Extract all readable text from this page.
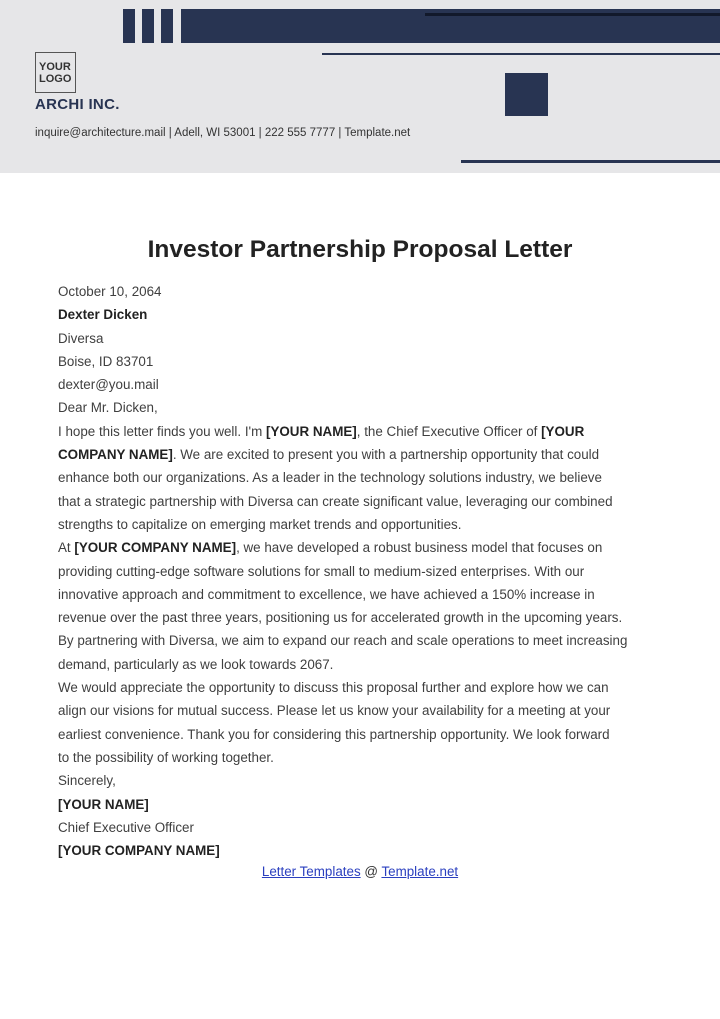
YOUR
LOGO
ARCHI INC.
inquire@architecture.mail | Adell, WI 53001 | 222 555 7777 | Template.net
Investor Partnership Proposal Letter
October 10, 2064
Dexter Dicken
Diversa
Boise, ID 83701
dexter@you.mail
Dear Mr. Dicken,
I hope this letter finds you well. I'm [YOUR NAME], the Chief Executive Officer of [YOUR
COMPANY NAME]. We are excited to present you with a partnership opportunity that could
enhance both our organizations. As a leader in the technology solutions industry, we believe
that a strategic partnership with Diversa can create significant value, leveraging our combined
strengths to capitalize on emerging market trends and opportunities.
At [YOUR COMPANY NAME], we have developed a robust business model that focuses on
providing cutting-edge software solutions for small to medium-sized enterprises. With our
innovative approach and commitment to excellence, we have achieved a 150% increase in
revenue over the past three years, positioning us for accelerated growth in the upcoming years.
By partnering with Diversa, we aim to expand our reach and scale operations to meet increasing
demand, particularly as we look towards 2067.
We would appreciate the opportunity to discuss this proposal further and explore how we can
align our visions for mutual success. Please let us know your availability for a meeting at your
earliest convenience. Thank you for considering this partnership opportunity. We look forward
to the possibility of working together.
Sincerely,
[YOUR NAME]
Chief Executive Officer
[YOUR COMPANY NAME]
Letter Templates @ Template.net
